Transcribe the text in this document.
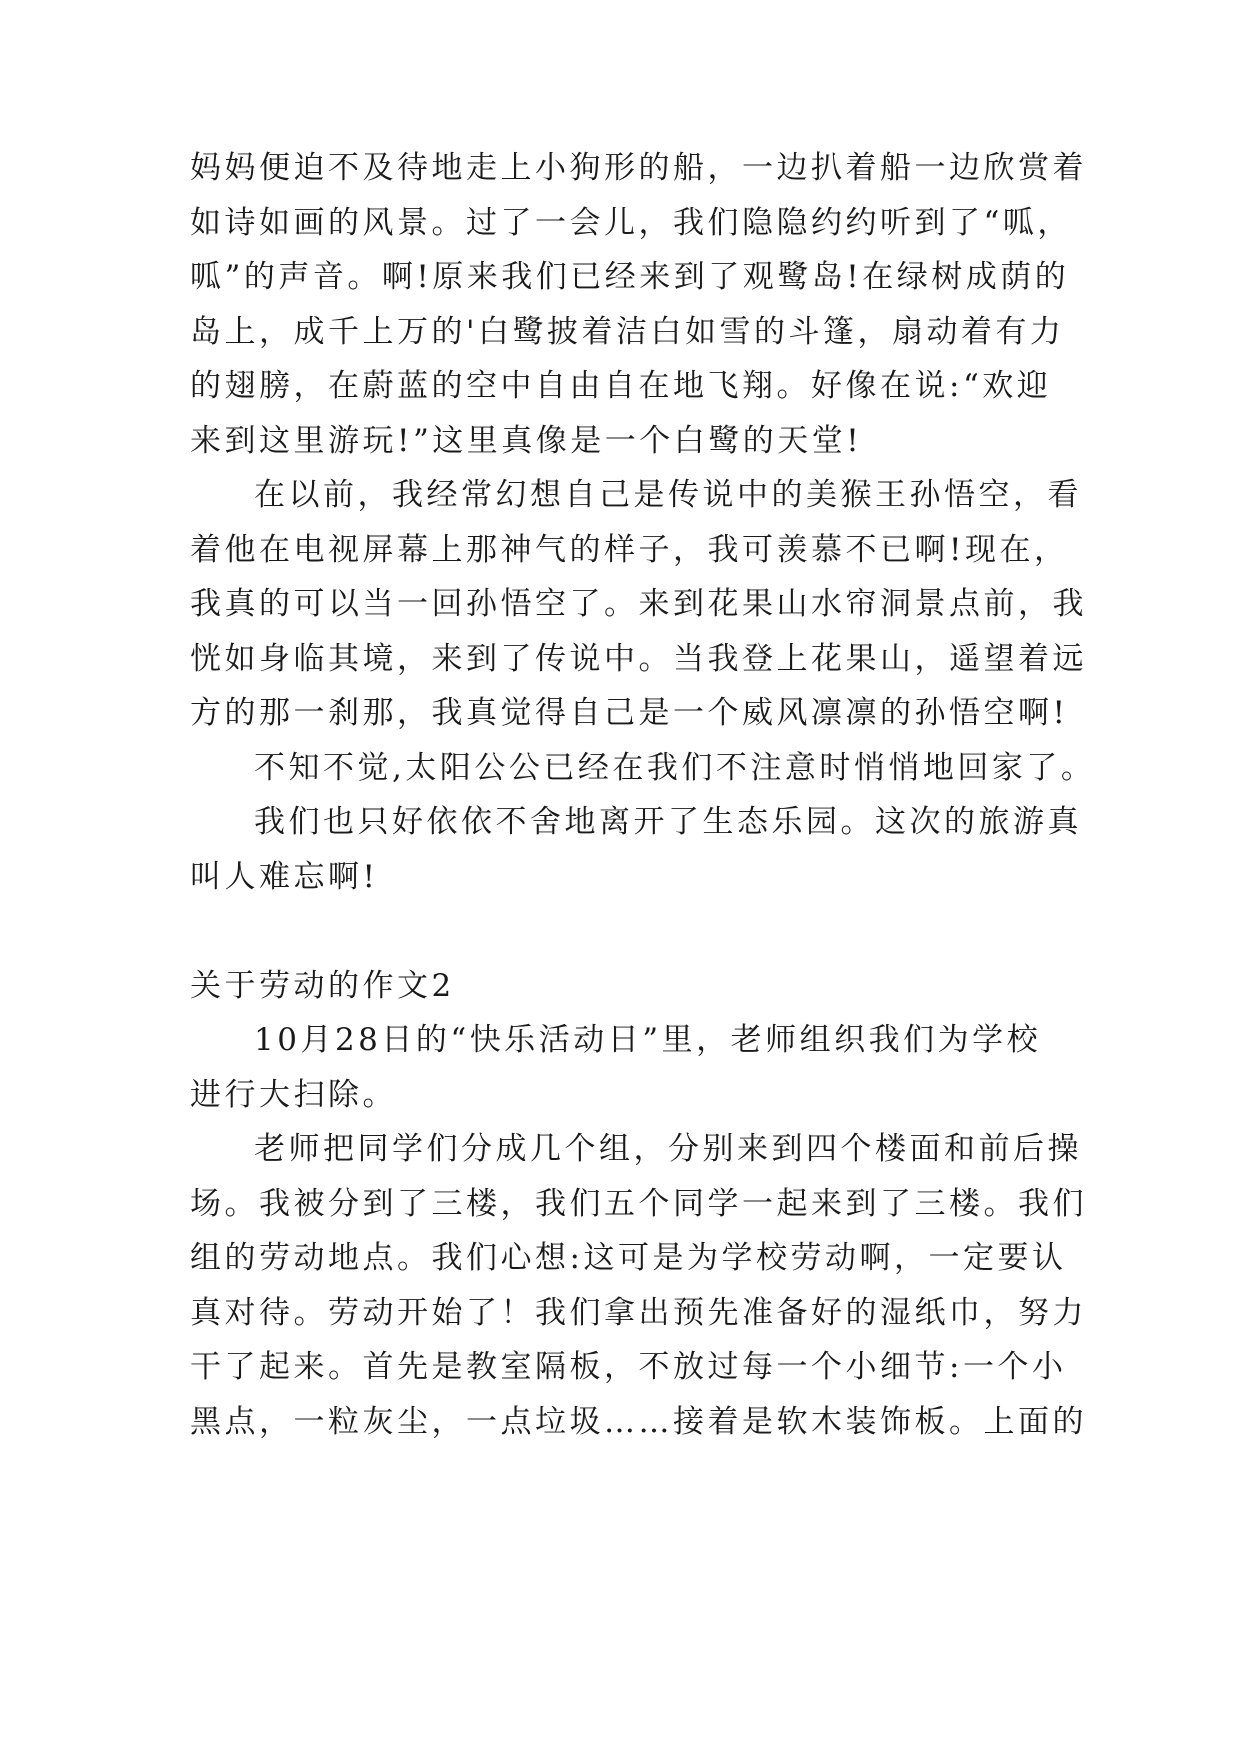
妈妈便迫不及待地走上小狗形的船，一边扒着船一边欣赏着
如诗如画的风景。过了一会儿，我们隐隐约约听到了“呱，
呱”的声音。啊!原来我们已经来到了观鹭岛!在绿树成荫的
岛上，成千上万的'白鹭披着洁白如雪的斗篷，扇动着有力
的翅膀，在蔚蓝的空中自由自在地飞翔。好像在说:“欢迎
来到这里游玩!”这里真像是一个白鹭的天堂!
在以前，我经常幻想自己是传说中的美猴王孙悟空，看
着他在电视屏幕上那神气的样子，我可羡慕不已啊!现在，
我真的可以当一回孙悟空了。来到花果山水帘洞景点前，我
恍如身临其境，来到了传说中。当我登上花果山，遥望着远
方的那一刹那，我真觉得自己是一个威风凛凛的孙悟空啊!
不知不觉,太阳公公已经在我们不注意时悄悄地回家了。
我们也只好依依不舍地离开了生态乐园。这次的旅游真
叫人难忘啊!
关于劳动的作文2
10月28日的“快乐活动日”里，老师组织我们为学校
进行大扫除。
老师把同学们分成几个组，分别来到四个楼面和前后操
场。我被分到了三楼，我们五个同学一起来到了三楼。我们
组的劳动地点。我们心想:这可是为学校劳动啊，一定要认
真对待。劳动开始了！我们拿出预先准备好的湿纸巾，努力
干了起来。首先是教室隔板，不放过每一个小细节:一个小
黑点，一粒灰尘，一点垃圾……接着是软木装饰板。上面的
